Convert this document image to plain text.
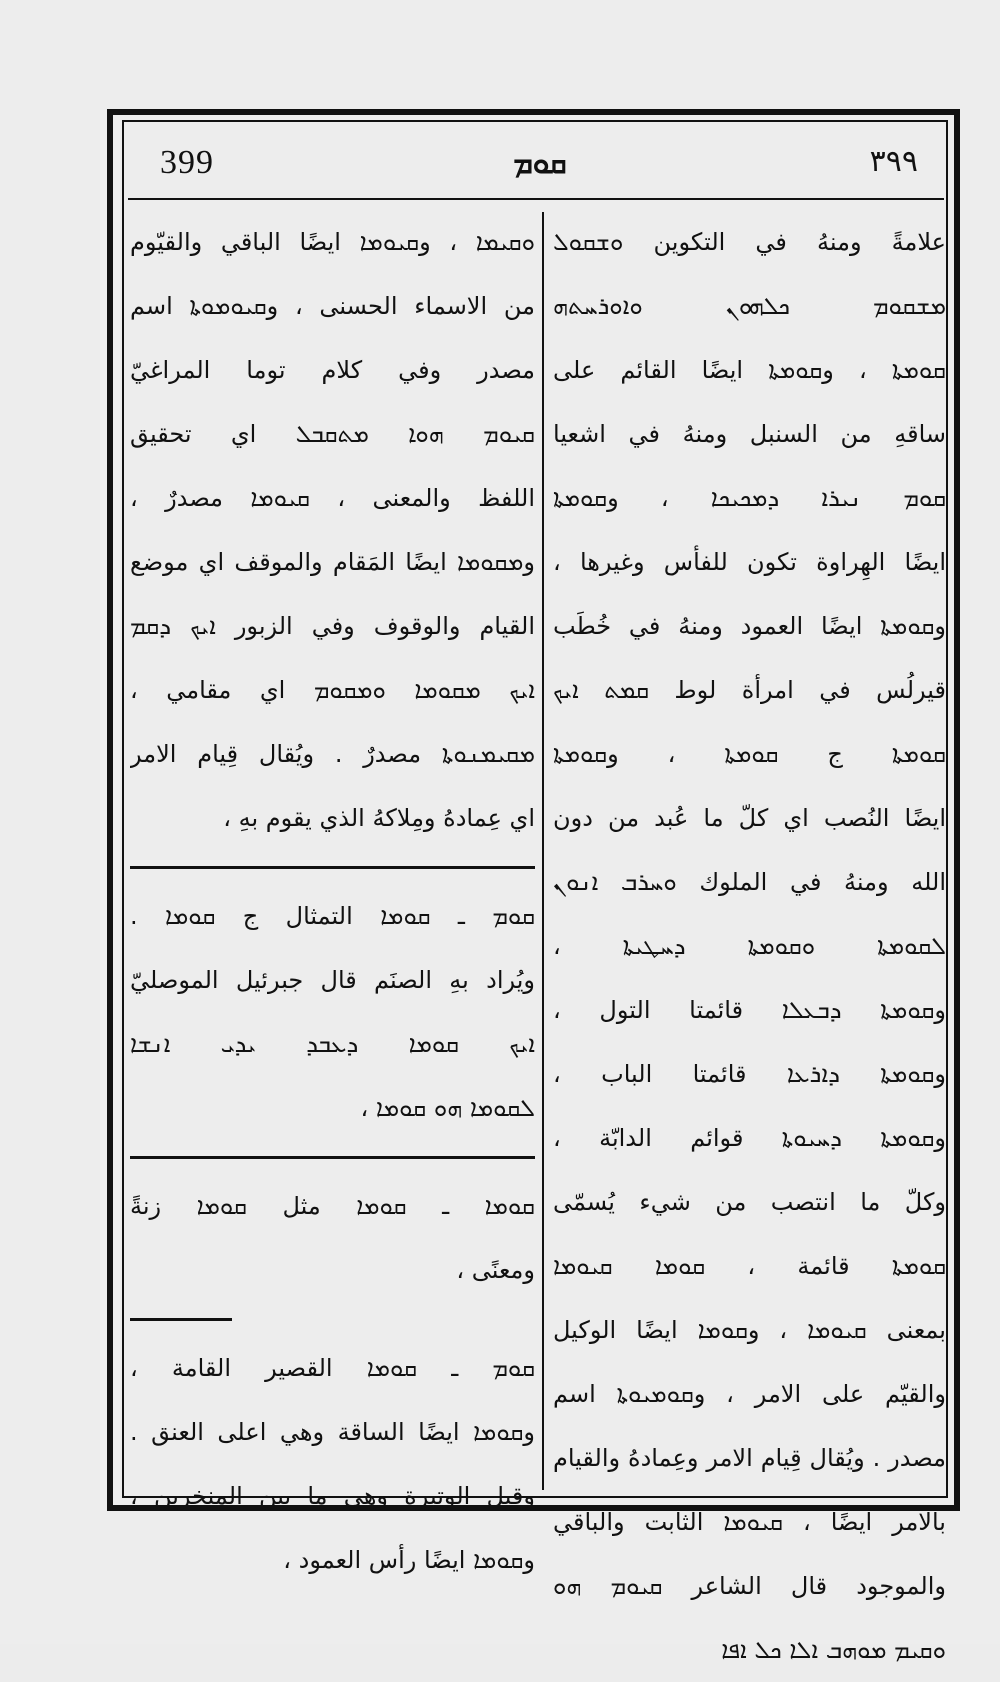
399	ܩܘܡ	٣٩٩
علامةً ومنهُ في التكوين ܘܫܩܘܠ
ܡܫܩܘܡ ܟܠܗܘܢ ܘܐܘܪܚܬܗ
ܩܘܡܬܐ ، وܩܘܡܬܐ ايضًا القائم على
ساقهِ من السنبل ومنهُ في اشعيا
ܩܘܡ ܢܝܪܐ ܕܡܟܝܟܐ ، وܩܘܡܬܐ
ايضًا الهِراوة تكون للفأس وغيرها ،
وܩܘܡܬܐ ايضًا العمود ومنهُ في خُطَب
قيرلُس في امرأة لوط ܩܡܬ ܐܝܟ
ܩܘܡܬܐ ج ܩܘܡܬܐ ، وܩܘܡܬܐ
ايضًا النُصب اي كلّ ما عُبد من دون
الله ومنهُ في الملوك ܘܚܪܒ ܐܢܘܢ
ܠܩܘܡܬܐ ܘܩܘܡܬܐ ܕܚܛܝܬܐ ،
وܩܘܡܬܐ ܕܒܥܠܐ قائمتا التول ،
وܩܘܡܬܐ ܕܐܪܥܐ قائمتا الباب ،
وܩܘܡܬܐ ܕܚܝܘܬܐ قوائم الدابّة ،
وكلّ ما انتصب من شيء يُسمّى
ܩܘܡܬܐ قائمة ، ܩܘܡܐ ܩܝܘܡܐ
بمعنى ܩܝܘܡܐ ، وܩܘܡܐ ايضًا الوكيل
والقيّم على الامر ، وܩܘܡܝܘܬܐ اسم
مصدر . ويُقال قِيام الامر وعِمادهُ والقيام
بالامر ايضًا ، ܩܝܘܡܐ الثابت والباقي
والموجود قال الشاعر ܩܝܘܡ ܗܘ
ܘܩܝܡ ܡܘܗܒ ܐܠܐ ܟܠ ܐܦܐ
ܘܩܝܡܐ ، وܩܝܘܡܐ ايضًا الباقي والقيّوم
من الاسماء الحسنى ، وܩܝܘܡܘܬܐ اسم
مصدر وفي كلام توما المراغيّ
ܩܝܘܡ ܗܘܐ ܡܬܩܒܠ اي تحقيق
اللفظ والمعنى ، ܩܝܘܡܐ مصدرٌ ،
وܡܩܘܡܐ ايضًا المَقام والموقف اي موضع
القيام والوقوف وفي الزبور ܐܝܟ ܕܩܡ
ܐܝܟ ܡܩܘܡܐ ܘܡܩܘܡ اي مقامي ،
ܡܩܝܡܢܘܬܐ مصدرٌ . ويُقال قِيام الامر
اي عِمادهُ ومِلاكهُ الذي يقوم بهِ ،
ܩܘܡ ـ ܩܘܡܐ التمثال ج ܩܘܡܐ .
ويُراد بهِ الصنَم قال جبرئيل الموصليّ
ܐܝܟ ܩܘܡܐ ܕܥܒܕ ܝܕܝ ܐܢܫܐ
ܠܩܘܡܐ ܗܘ ܩܘܡܐ ،
ܩܘܡܐ ـ ܩܘܡܐ مثل ܩܘܡܐ زنةً
ومعنًى ،
ܩܘܡ ـ ܩܘܡܐ القصير القامة ،
وܩܘܡܐ ايضًا الساقة وهي اعلى العنق .
وقيل الوتيرة وهي ما بين المنخرين ،
وܩܘܡܐ ايضًا رأس العمود ،
